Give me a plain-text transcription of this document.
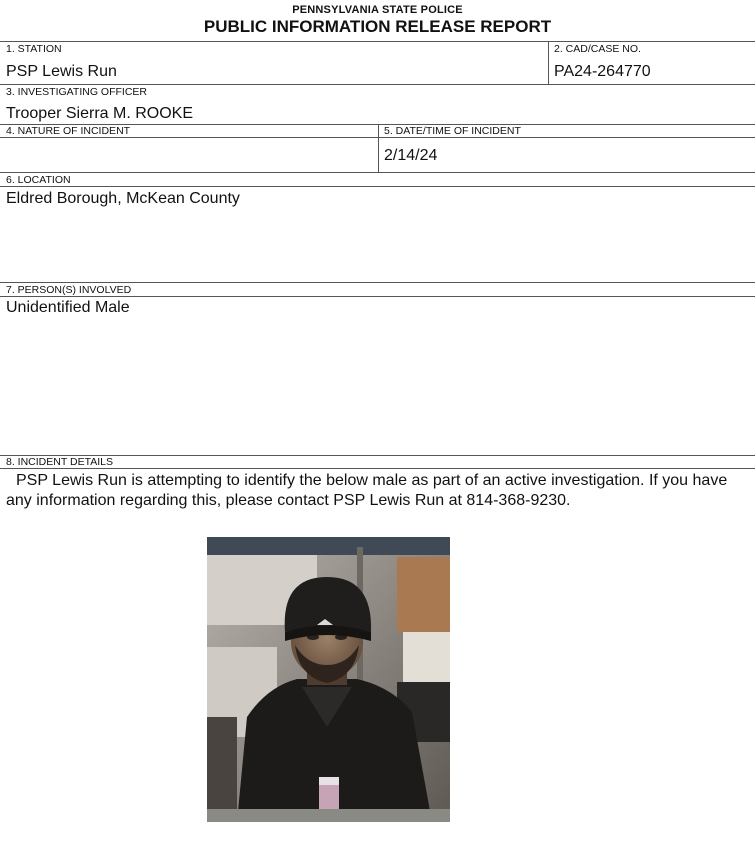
PENNSYLVANIA STATE POLICE
PUBLIC INFORMATION RELEASE REPORT
1. STATION
PSP Lewis Run
2. CAD/CASE NO.
PA24-264770
3. INVESTIGATING OFFICER
Trooper Sierra M. ROOKE
4. NATURE OF INCIDENT	5. DATE/TIME OF INCIDENT
2/14/24
6. LOCATION
Eldred Borough, McKean County
7. PERSON(S) INVOLVED
Unidentified Male
8. INCIDENT DETAILS
PSP Lewis Run is attempting to identify the below male as part of an active investigation. If you have any information regarding this, please contact PSP Lewis Run at 814-368-9230.
